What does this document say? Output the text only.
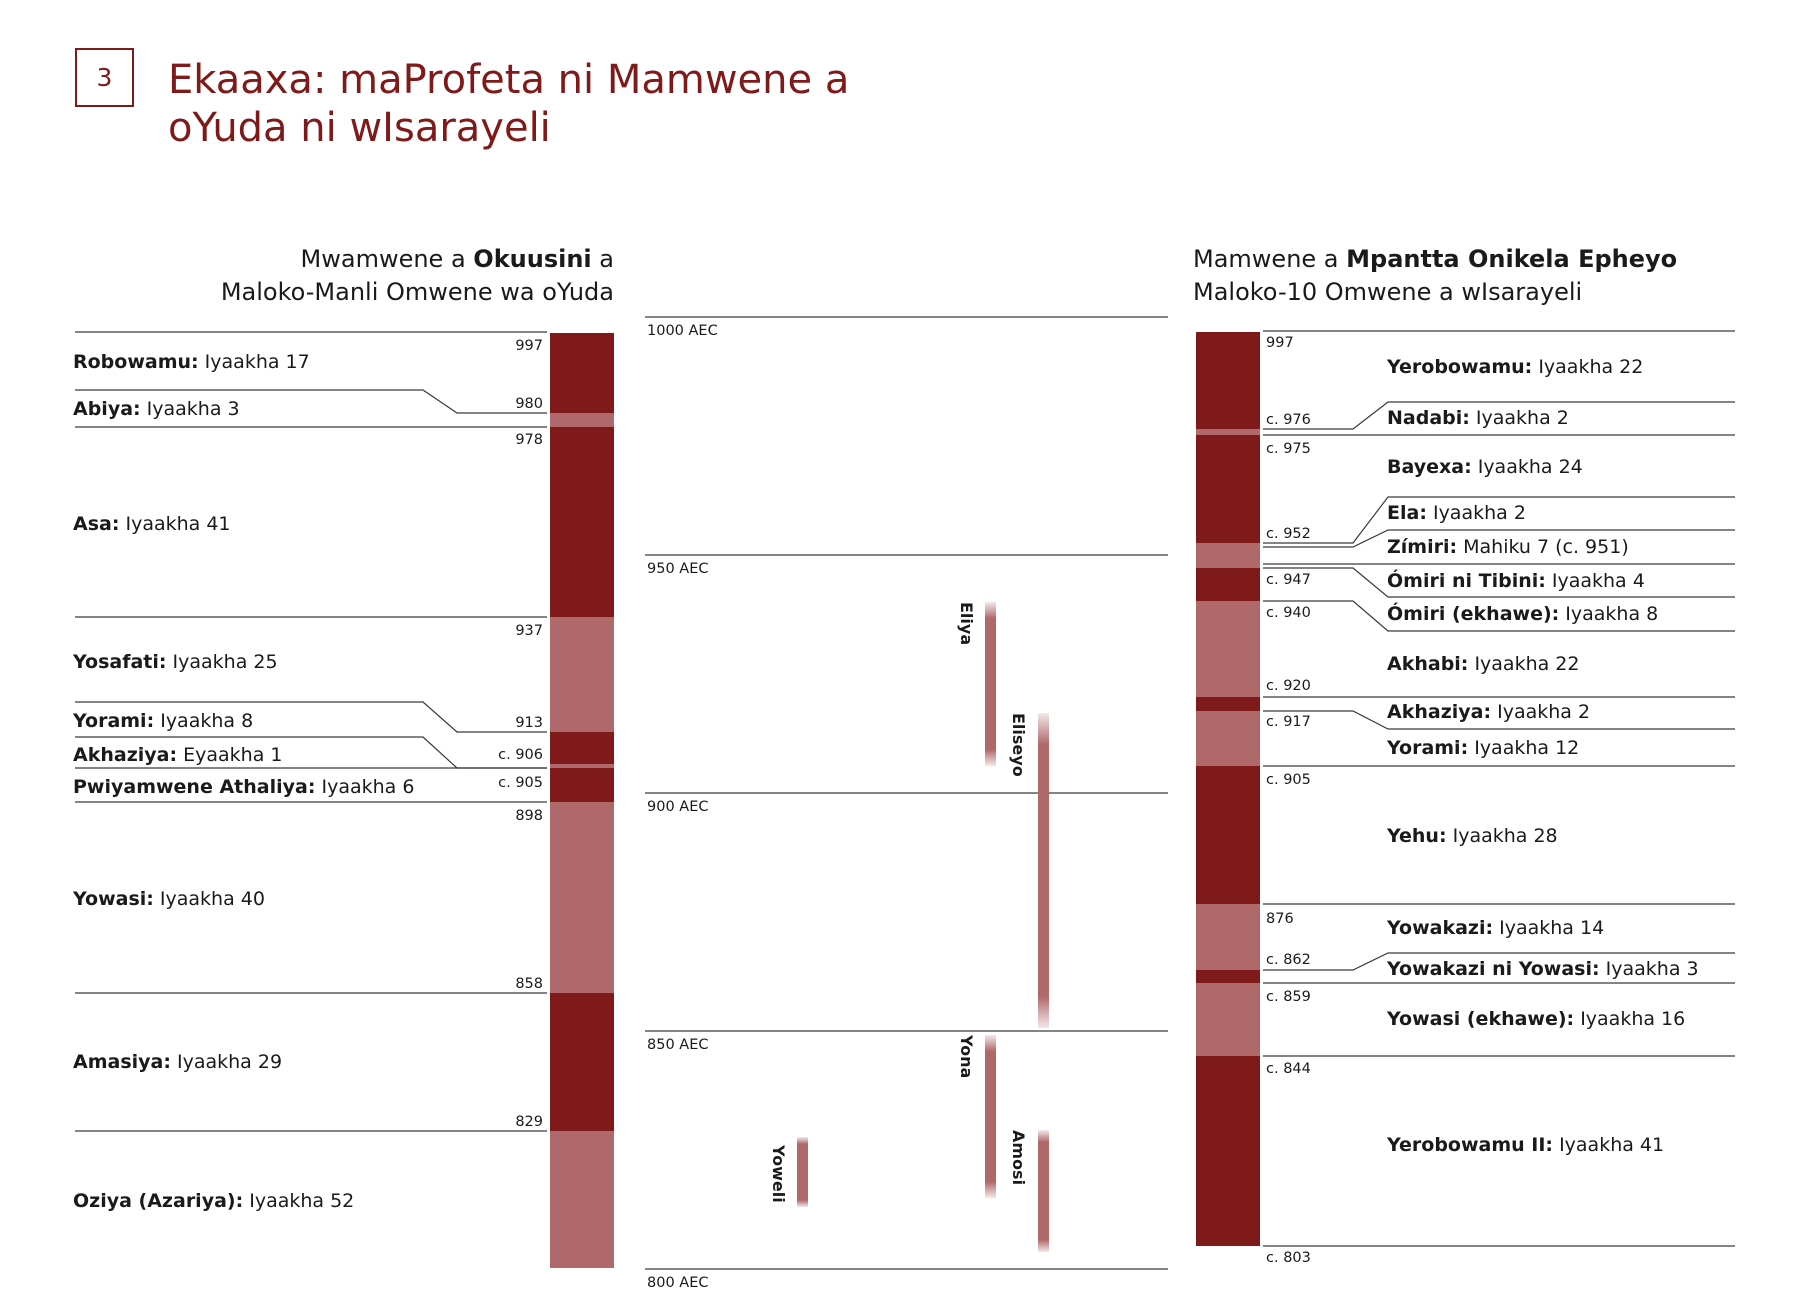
3	Ekaaxa: maProfeta ni Mamwene a oYuda ni wIsarayeli
Mwamwene a Okuusini a
Maloko-Manli Omwene wa oYuda
Mamwene a Mpantta Onikela Epheyo
Maloko-10 Omwene a wIsarayeli
Robowamu: Iyaakha 17
Abiya: Iyaakha 3
Asa: Iyaakha 41
Yosafati: Iyaakha 25
Yorami: Iyaakha 8
Akhaziya: Eyaakha 1
Pwiyamwene Athaliya: Iyaakha 6
Yowasi: Iyaakha 40
Amasiya: Iyaakha 29
Oziya (Azariya): Iyaakha 52
997
980
978
937
913
c. 906
c. 905
898
858
829
1000 AEC
950 AEC
900 AEC
850 AEC
800 AEC
Eliya
Eliseyo
Yona
Amosi
Yoweli
Yerobowamu: Iyaakha 22
Nadabi: Iyaakha 2
Bayexa: Iyaakha 24
Ela: Iyaakha 2
Zímiri: Mahiku 7 (c. 951)
Ómiri ni Tibini: Iyaakha 4
Ómiri (ekhawe): Iyaakha 8
Akhabi: Iyaakha 22
Akhaziya: Iyaakha 2
Yorami: Iyaakha 12
Yehu: Iyaakha 28
Yowakazi: Iyaakha 14
Yowakazi ni Yowasi: Iyaakha 3
Yowasi (ekhawe): Iyaakha 16
Yerobowamu II: Iyaakha 41
997
c. 976
c. 975
c. 952
c. 947
c. 940
c. 920
c. 917
c. 905
876
c. 862
c. 859
c. 844
c. 803
